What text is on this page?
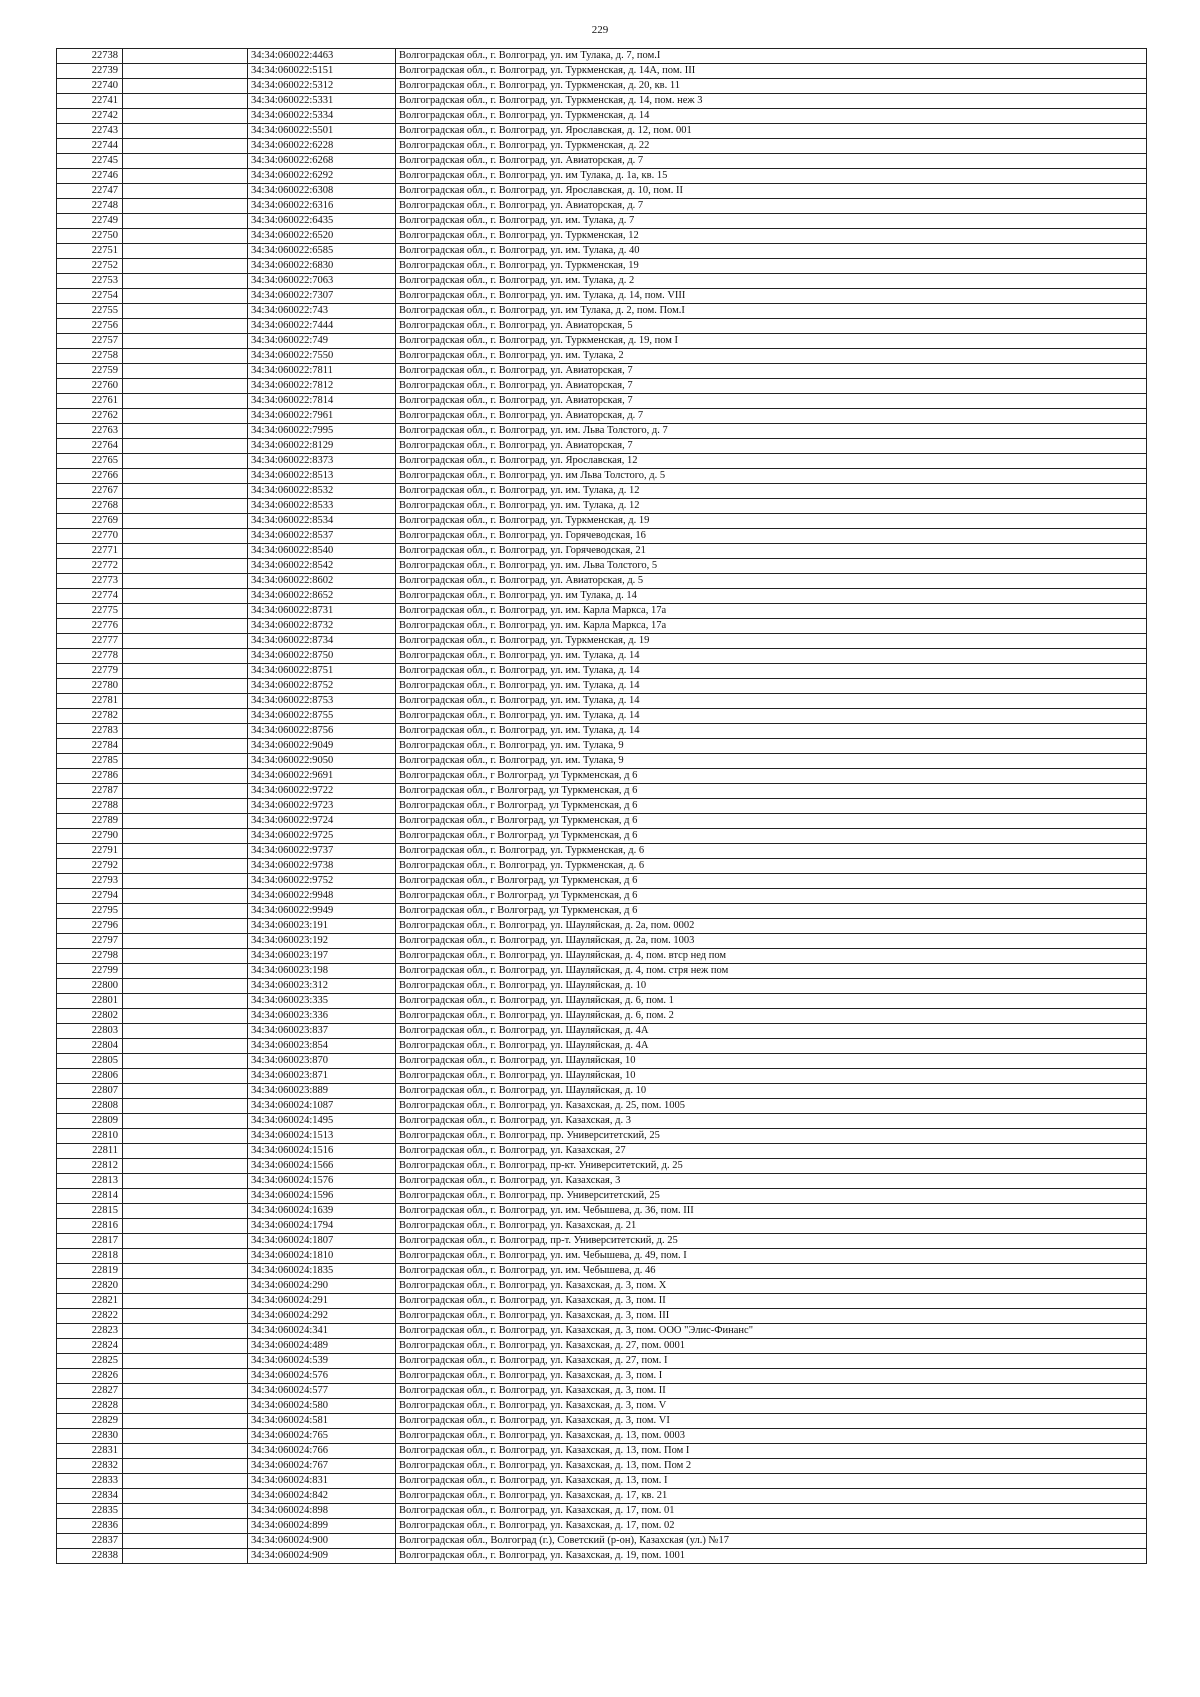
229
22738		34:34:060022:4463	Волгоградская обл., г. Волгоград, ул. им Тулака, д. 7, пом.I
22739		34:34:060022:5151	Волгоградская обл., г. Волгоград, ул. Туркменская, д. 14А, пом. III
22740		34:34:060022:5312	Волгоградская обл., г. Волгоград, ул. Туркменская, д. 20, кв. 11
22741		34:34:060022:5331	Волгоградская обл., г. Волгоград, ул. Туркменская, д. 14, пом. неж 3
22742		34:34:060022:5334	Волгоградская обл., г. Волгоград, ул. Туркменская, д. 14
22743		34:34:060022:5501	Волгоградская обл., г. Волгоград, ул. Ярославская, д. 12, пом. 001
22744		34:34:060022:6228	Волгоградская обл., г. Волгоград, ул. Туркменская, д. 22
22745		34:34:060022:6268	Волгоградская обл., г. Волгоград, ул. Авиаторская, д. 7
22746		34:34:060022:6292	Волгоградская обл., г. Волгоград, ул. им Тулака, д. 1а, кв. 15
22747		34:34:060022:6308	Волгоградская обл., г. Волгоград, ул. Ярославская, д. 10, пом. II
22748		34:34:060022:6316	Волгоградская обл., г. Волгоград, ул. Авиаторская, д. 7
22749		34:34:060022:6435	Волгоградская обл., г. Волгоград, ул. им. Тулака, д. 7
22750		34:34:060022:6520	Волгоградская обл., г. Волгоград, ул. Туркменская, 12
22751		34:34:060022:6585	Волгоградская обл., г. Волгоград, ул. им. Тулака, д. 40
22752		34:34:060022:6830	Волгоградская обл., г. Волгоград, ул. Туркменская, 19
22753		34:34:060022:7063	Волгоградская обл., г. Волгоград, ул. им. Тулака, д. 2
22754		34:34:060022:7307	Волгоградская обл., г. Волгоград, ул. им. Тулака, д. 14, пом. VIII
22755		34:34:060022:743	Волгоградская обл., г. Волгоград, ул. им Тулака, д. 2, пом. Пом.I
22756		34:34:060022:7444	Волгоградская обл., г. Волгоград, ул. Авиаторская, 5
22757		34:34:060022:749	Волгоградская обл., г. Волгоград, ул. Туркменская, д. 19, пом I
22758		34:34:060022:7550	Волгоградская обл., г. Волгоград, ул. им. Тулака, 2
22759		34:34:060022:7811	Волгоградская обл., г. Волгоград, ул. Авиаторская, 7
22760		34:34:060022:7812	Волгоградская обл., г. Волгоград, ул. Авиаторская, 7
22761		34:34:060022:7814	Волгоградская обл., г. Волгоград, ул. Авиаторская, 7
22762		34:34:060022:7961	Волгоградская обл., г. Волгоград, ул. Авиаторская, д. 7
22763		34:34:060022:7995	Волгоградская обл., г. Волгоград, ул. им. Льва Толстого, д. 7
22764		34:34:060022:8129	Волгоградская обл., г. Волгоград, ул. Авиаторская, 7
22765		34:34:060022:8373	Волгоградская обл., г. Волгоград, ул. Ярославская, 12
22766		34:34:060022:8513	Волгоградская обл., г. Волгоград, ул. им Льва Толстого, д. 5
22767		34:34:060022:8532	Волгоградская обл., г. Волгоград, ул. им. Тулака, д. 12
22768		34:34:060022:8533	Волгоградская обл., г. Волгоград, ул. им. Тулака, д. 12
22769		34:34:060022:8534	Волгоградская обл., г. Волгоград, ул. Туркменская, д. 19
22770		34:34:060022:8537	Волгоградская обл., г. Волгоград, ул. Горячеводская, 16
22771		34:34:060022:8540	Волгоградская обл., г. Волгоград, ул. Горячеводская, 21
22772		34:34:060022:8542	Волгоградская обл., г. Волгоград, ул. им. Льва Толстого, 5
22773		34:34:060022:8602	Волгоградская обл., г. Волгоград, ул. Авиаторская, д. 5
22774		34:34:060022:8652	Волгоградская обл., г. Волгоград, ул. им Тулака, д. 14
22775		34:34:060022:8731	Волгоградская обл., г. Волгоград, ул. им. Карла Маркса, 17а
22776		34:34:060022:8732	Волгоградская обл., г. Волгоград, ул. им. Карла Маркса, 17а
22777		34:34:060022:8734	Волгоградская обл., г. Волгоград, ул. Туркменская, д. 19
22778		34:34:060022:8750	Волгоградская обл., г. Волгоград, ул. им. Тулака, д. 14
22779		34:34:060022:8751	Волгоградская обл., г. Волгоград, ул. им. Тулака, д. 14
22780		34:34:060022:8752	Волгоградская обл., г. Волгоград, ул. им. Тулака, д. 14
22781		34:34:060022:8753	Волгоградская обл., г. Волгоград, ул. им. Тулака, д. 14
22782		34:34:060022:8755	Волгоградская обл., г. Волгоград, ул. им. Тулака, д. 14
22783		34:34:060022:8756	Волгоградская обл., г. Волгоград, ул. им. Тулака, д. 14
22784		34:34:060022:9049	Волгоградская обл., г. Волгоград, ул. им. Тулака, 9
22785		34:34:060022:9050	Волгоградская обл., г. Волгоград, ул. им. Тулака, 9
22786		34:34:060022:9691	Волгоградская обл., г Волгоград, ул Туркменская, д 6
22787		34:34:060022:9722	Волгоградская обл., г Волгоград, ул Туркменская, д 6
22788		34:34:060022:9723	Волгоградская обл., г Волгоград, ул Туркменская, д 6
22789		34:34:060022:9724	Волгоградская обл., г Волгоград, ул Туркменская, д 6
22790		34:34:060022:9725	Волгоградская обл., г Волгоград, ул Туркменская, д 6
22791		34:34:060022:9737	Волгоградская обл., г. Волгоград, ул. Туркменская, д. 6
22792		34:34:060022:9738	Волгоградская обл., г. Волгоград, ул. Туркменская, д. 6
22793		34:34:060022:9752	Волгоградская обл., г Волгоград, ул Туркменская, д 6
22794		34:34:060022:9948	Волгоградская обл., г Волгоград, ул Туркменская, д 6
22795		34:34:060022:9949	Волгоградская обл., г Волгоград, ул Туркменская, д 6
22796		34:34:060023:191	Волгоградская обл., г. Волгоград, ул. Шауляйская, д. 2а, пом. 0002
22797		34:34:060023:192	Волгоградская обл., г. Волгоград, ул. Шауляйская, д. 2а, пом. 1003
22798		34:34:060023:197	Волгоградская обл., г. Волгоград, ул. Шауляйская, д. 4, пом. втср нед пом
22799		34:34:060023:198	Волгоградская обл., г. Волгоград, ул. Шауляйская, д. 4, пом. стря неж пом
22800		34:34:060023:312	Волгоградская обл., г. Волгоград, ул. Шауляйская, д. 10
22801		34:34:060023:335	Волгоградская обл., г. Волгоград, ул. Шауляйская, д. 6, пом. 1
22802		34:34:060023:336	Волгоградская обл., г. Волгоград, ул. Шауляйская, д. 6, пом. 2
22803		34:34:060023:837	Волгоградская обл., г. Волгоград, ул. Шауляйская, д. 4А
22804		34:34:060023:854	Волгоградская обл., г. Волгоград, ул. Шауляйская, д. 4А
22805		34:34:060023:870	Волгоградская обл., г. Волгоград, ул. Шауляйская, 10
22806		34:34:060023:871	Волгоградская обл., г. Волгоград, ул. Шауляйская, 10
22807		34:34:060023:889	Волгоградская обл., г. Волгоград, ул. Шауляйская, д. 10
22808		34:34:060024:1087	Волгоградская обл., г. Волгоград, ул. Казахская, д. 25, пом. 1005
22809		34:34:060024:1495	Волгоградская обл., г. Волгоград, ул. Казахская, д. 3
22810		34:34:060024:1513	Волгоградская обл., г. Волгоград, пр. Университетский, 25
22811		34:34:060024:1516	Волгоградская обл., г. Волгоград, ул. Казахская, 27
22812		34:34:060024:1566	Волгоградская обл., г. Волгоград, пр-кт. Университетский, д. 25
22813		34:34:060024:1576	Волгоградская обл., г. Волгоград, ул. Казахская, 3
22814		34:34:060024:1596	Волгоградская обл., г. Волгоград, пр. Университетский, 25
22815		34:34:060024:1639	Волгоградская обл., г. Волгоград, ул. им. Чебышева, д. 36, пом. III
22816		34:34:060024:1794	Волгоградская обл., г. Волгоград, ул. Казахская, д. 21
22817		34:34:060024:1807	Волгоградская обл., г. Волгоград, пр-т. Университетский, д. 25
22818		34:34:060024:1810	Волгоградская обл., г. Волгоград, ул. им. Чебышева, д. 49, пом. I
22819		34:34:060024:1835	Волгоградская обл., г. Волгоград, ул. им. Чебышева, д. 46
22820		34:34:060024:290	Волгоградская обл., г. Волгоград, ул. Казахская, д. 3, пом. X
22821		34:34:060024:291	Волгоградская обл., г. Волгоград, ул. Казахская, д. 3, пом. II
22822		34:34:060024:292	Волгоградская обл., г. Волгоград, ул. Казахская, д. 3, пом. III
22823		34:34:060024:341	Волгоградская обл., г. Волгоград, ул. Казахская, д. 3, пом. ООО "Элис-Финанс"
22824		34:34:060024:489	Волгоградская обл., г. Волгоград, ул. Казахская, д. 27, пом. 0001
22825		34:34:060024:539	Волгоградская обл., г. Волгоград, ул. Казахская, д. 27, пом. I
22826		34:34:060024:576	Волгоградская обл., г. Волгоград, ул. Казахская, д. 3, пом. I
22827		34:34:060024:577	Волгоградская обл., г. Волгоград, ул. Казахская, д. 3, пом. II
22828		34:34:060024:580	Волгоградская обл., г. Волгоград, ул. Казахская, д. 3, пом. V
22829		34:34:060024:581	Волгоградская обл., г. Волгоград, ул. Казахская, д. 3, пом. VI
22830		34:34:060024:765	Волгоградская обл., г. Волгоград, ул. Казахская, д. 13, пом. 0003
22831		34:34:060024:766	Волгоградская обл., г. Волгоград, ул. Казахская, д. 13, пом. Пом I
22832		34:34:060024:767	Волгоградская обл., г. Волгоград, ул. Казахская, д. 13, пом. Пом 2
22833		34:34:060024:831	Волгоградская обл., г. Волгоград, ул. Казахская, д. 13, пом. I
22834		34:34:060024:842	Волгоградская обл., г. Волгоград, ул. Казахская, д. 17, кв. 21
22835		34:34:060024:898	Волгоградская обл., г. Волгоград, ул. Казахская, д. 17, пом. 01
22836		34:34:060024:899	Волгоградская обл., г. Волгоград, ул. Казахская, д. 17, пом. 02
22837		34:34:060024:900	Волгоградская обл., Волгоград (г.), Советский (р-он), Казахская (ул.) №17
22838		34:34:060024:909	Волгоградская обл., г. Волгоград, ул. Казахская, д. 19, пом. 1001
